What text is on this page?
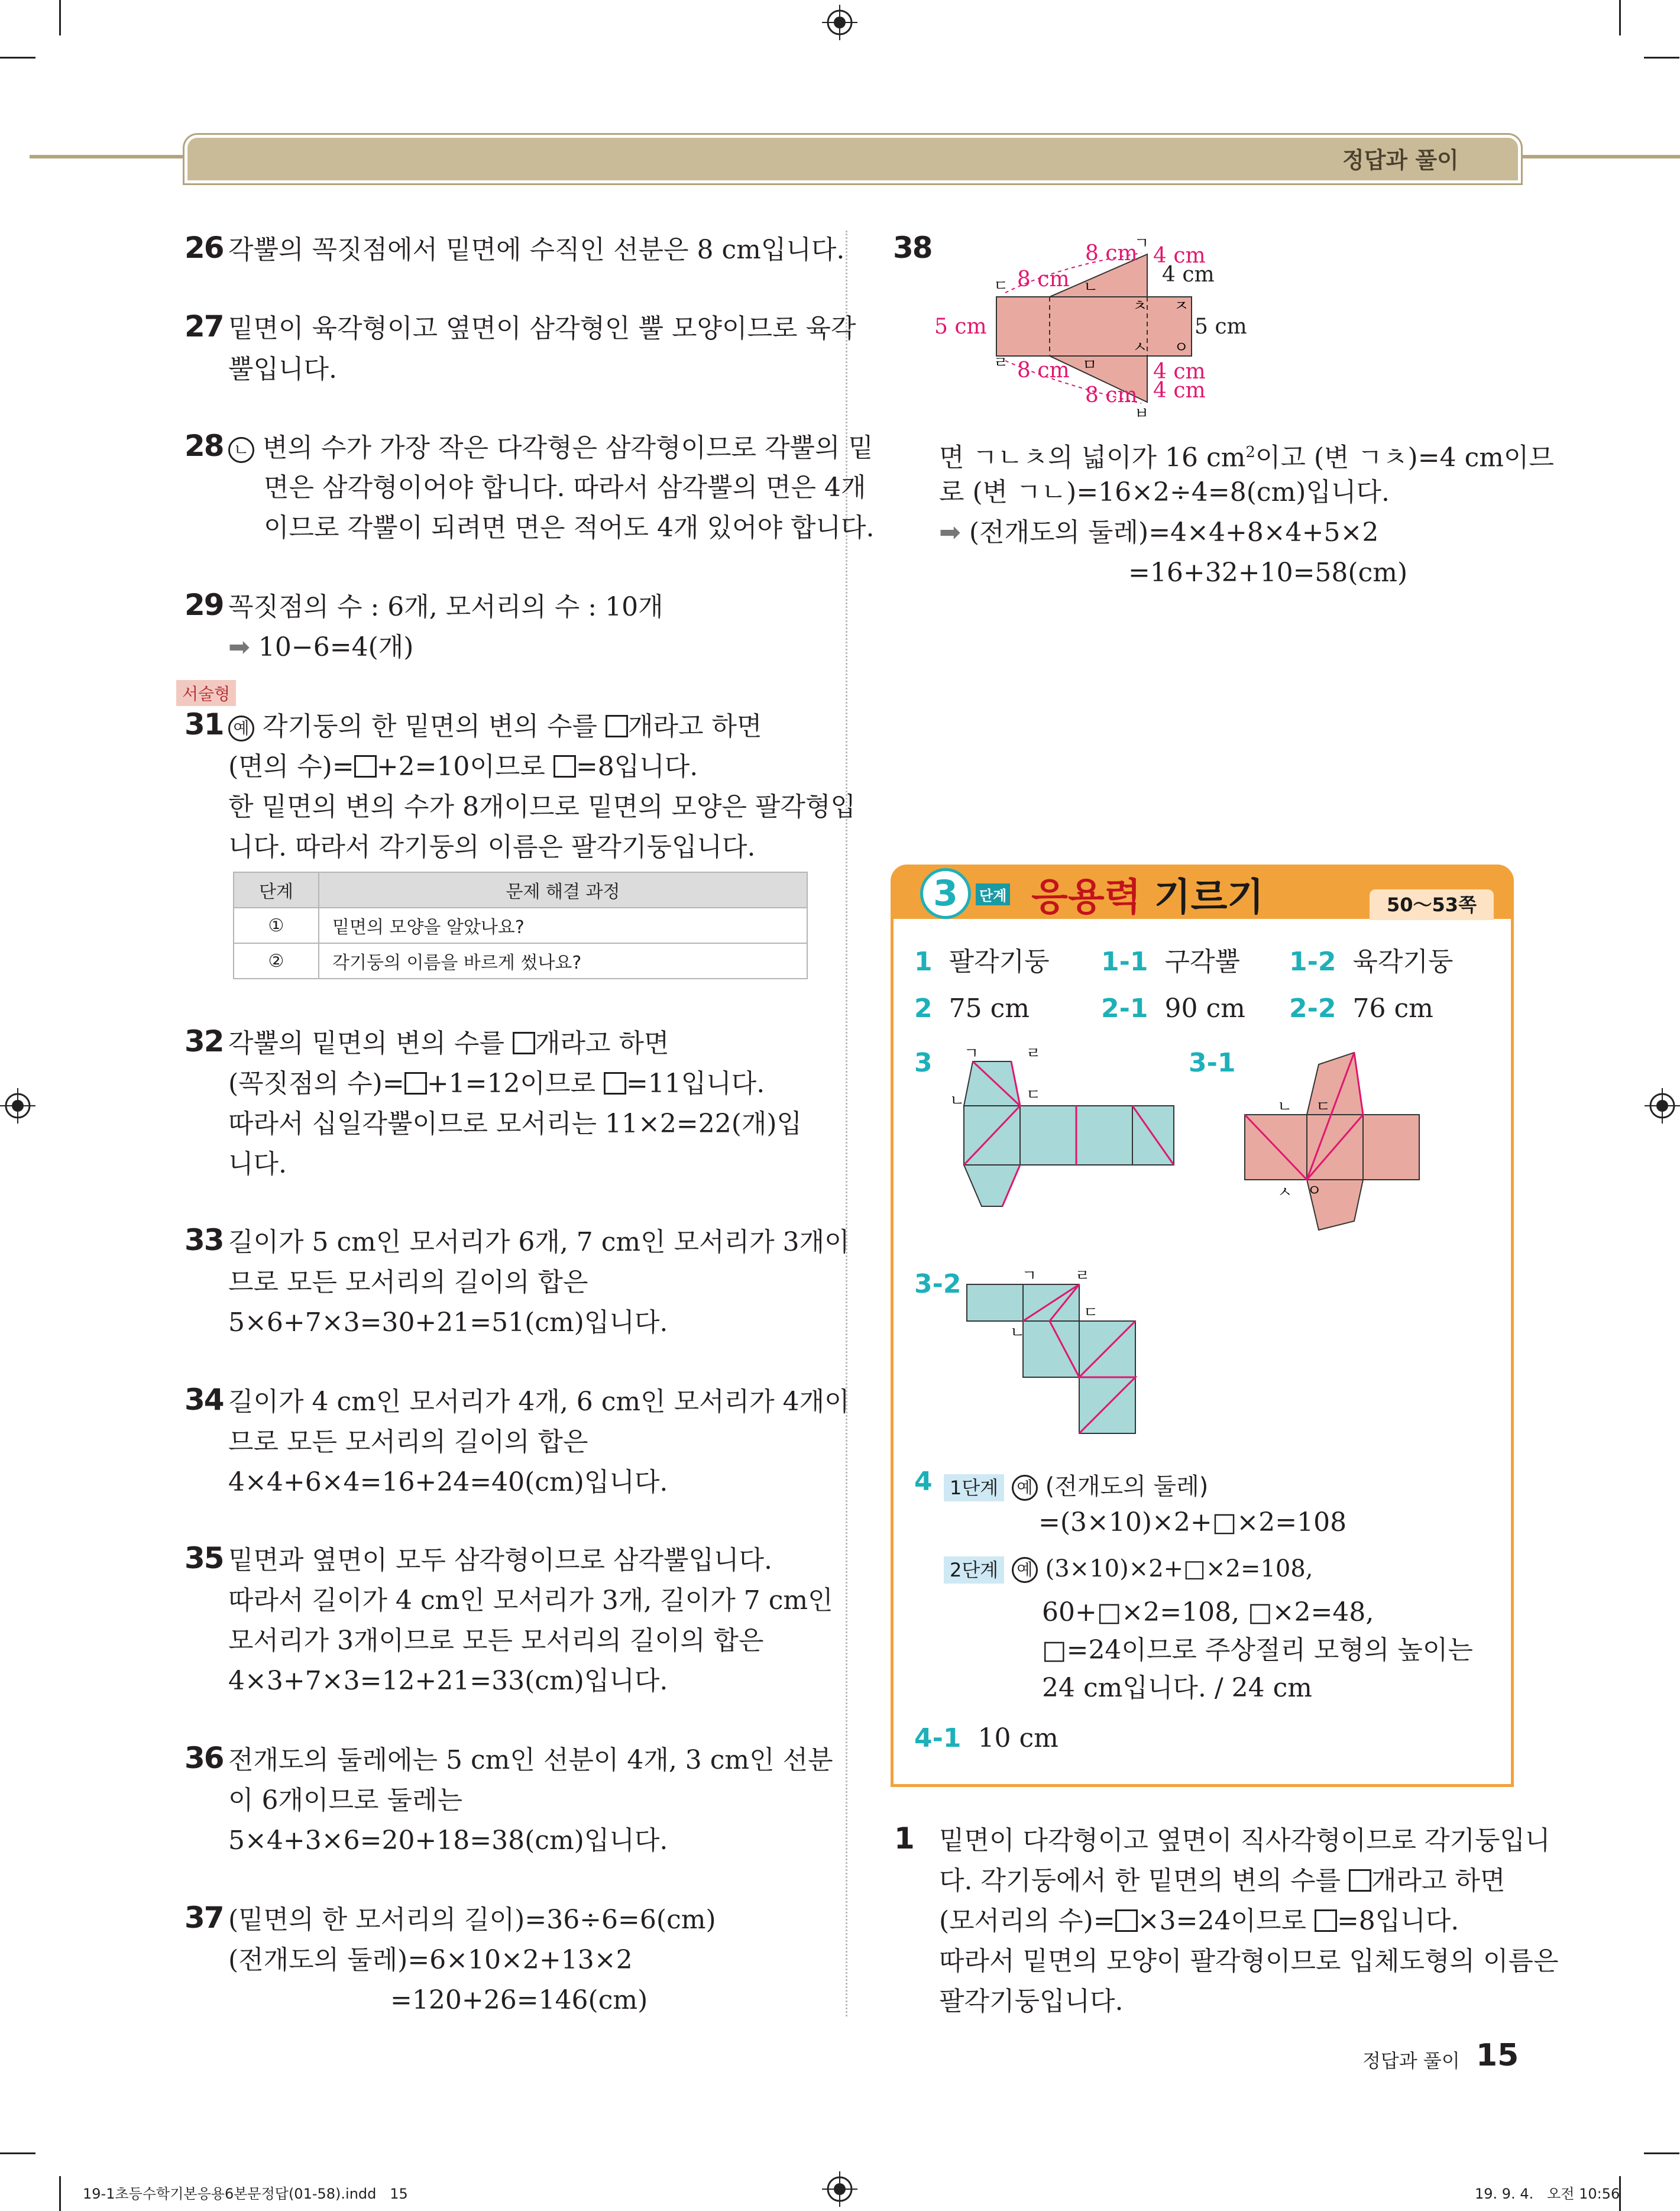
정답과 풀이
26 각뿔의 꼭짓점에서 밑면에 수직인 선분은 8 cm입니다.
27 밑면이 육각형이고 옆면이 삼각형인 뿔 모양이므로 육각
뿔입니다.
28 ㄴ 변의 수가 가장 작은 다각형은 삼각형이므로 각뿔의 밑
면은 삼각형이어야 합니다. 따라서 삼각뿔의 면은 4개
이므로 각뿔이 되려면 면은 적어도 4개 있어야 합니다.
29 꼭짓점의 수 : 6개, 모서리의 수 : 10개
➡ 10−6=4(개)
서술형
31 예 각기둥의 한 밑면의 변의 수를 개라고 하면
(면의 수)= +2=10이므로 =8입니다.
한 밑면의 변의 수가 8개이므로 밑면의 모양은 팔각형입
니다. 따라서 각기둥의 이름은 팔각기둥입니다.
단계	문제 해결 과정
①	밑면의 모양을 알았나요?
②	각기둥의 이름을 바르게 썼나요?
32 각뿔의 밑면의 변의 수를 개라고 하면
(꼭짓점의 수)= +1=12이므로 =11입니다.
따라서 십일각뿔이므로 모서리는 11×2=22(개)입
니다.
33 길이가 5 cm인 모서리가 6개, 7 cm인 모서리가 3개이
므로 모든 모서리의 길이의 합은
5×6+7×3=30+21=51(cm)입니다.
34 길이가 4 cm인 모서리가 4개, 6 cm인 모서리가 4개이
므로 모든 모서리의 길이의 합은
4×4+6×4=16+24=40(cm)입니다.
35 밑면과 옆면이 모두 삼각형이므로 삼각뿔입니다.
따라서 길이가 4 cm인 모서리가 3개, 길이가 7 cm인
모서리가 3개이므로 모든 모서리의 길이의 합은
4×3+7×3=12+21=33(cm)입니다.
36 전개도의 둘레에는 5 cm인 선분이 4개, 3 cm인 선분
이 6개이므로 둘레는
5×4+3×6=20+18=38(cm)입니다.
37 (밑면의 한 모서리의 길이)=36÷6=6(cm)
(전개도의 둘레)=6×10×2+13×2
=120+26=146(cm)
38	8 cm
8 cm
5 cm	5 cm
8 cm
8 cm
4 cm
4 cm
4 cm
4 cm
ㄱ
ㄴ
ㄷ
ㄹ	ㅁ
ㅂ
ㅅ ㅇ
ㅈ
ㅊ
면 ㄱㄴㅊ의 넓이가 16 $cm^2$이고 (변 ㄱㅊ)=4 cm이므
로 (변 ㄱㄴ)=16×2÷4=8(cm)입니다.
➡ (전개도의 둘레)=4×4+8×4+5×2
=16+32+10=58(cm)
3	단계 응용력 기르기	50～53쪽
1 팔각기둥 1-1 구각뿔 1-2 육각기둥
2 75 cm	2-1 90 cm 2-2 76 cm
3 ㄱ	ㄹ
ㄷ
ㄴ
3-1
ㄴ ㄷ
ㅅ ㅇ
3-2	ㄱ ㄹ
ㄷ
ㄴ
4 1단계 예 (전개도의 둘레)
=(3×10)×2+□×2=108
2단계 예 (3×10)×2+□×2=108,
60+□×2=108, □×2=48,
□=24이므로 주상절리 모형의 높이는
24 cm입니다. / 24 cm
4-1 10 cm
1 밑면이 다각형이고 옆면이 직사각형이므로 각기둥입니
다. 각기둥에서 한 밑면의 변의 수를 개라고 하면
(모서리의 수)= ×3=24이므로 =8입니다.
따라서 밑면의 모양이 팔각형이므로 입체도형의 이름은
팔각기둥입니다.
정답과 풀이 15
19-1초등수학기본응용6본문정답(01-58).indd   15	19. 9. 4.   오전 10:56
